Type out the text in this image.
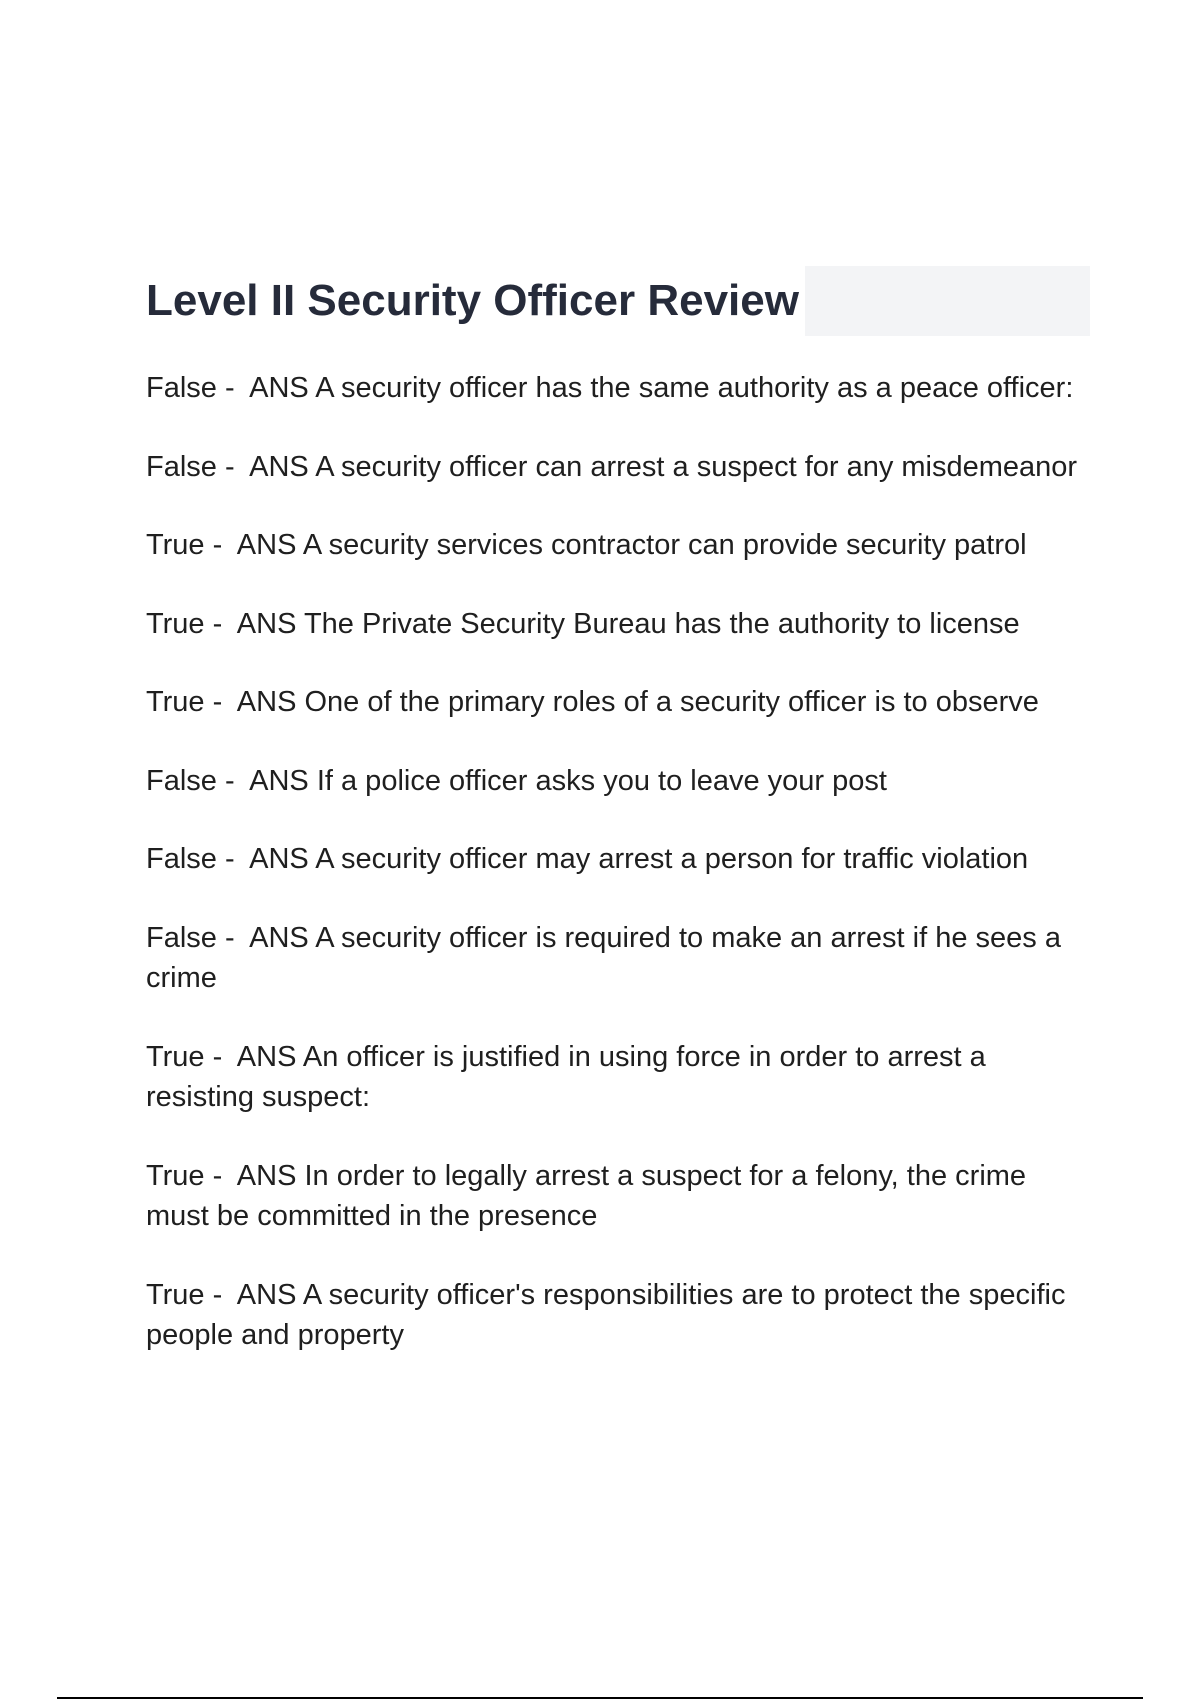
Level II Security Officer Review
False -  ANS A security officer has the same authority as a peace officer:
False -  ANS A security officer can arrest a suspect for any misdemeanor
True -  ANS A security services contractor can provide security patrol
True -  ANS The Private Security Bureau has the authority to license
True -  ANS One of the primary roles of a security officer is to observe
False -  ANS If a police officer asks you to leave your post
False -  ANS A security officer may arrest a person for traffic violation
False -  ANS A security officer is required to make an arrest if he sees a crime
True -  ANS An officer is justified in using force in order to arrest a resisting suspect:
True -  ANS In order to legally arrest a suspect for a felony, the crime must be committed in the presence
True -  ANS A security officer's responsibilities are to protect the specific people and property
